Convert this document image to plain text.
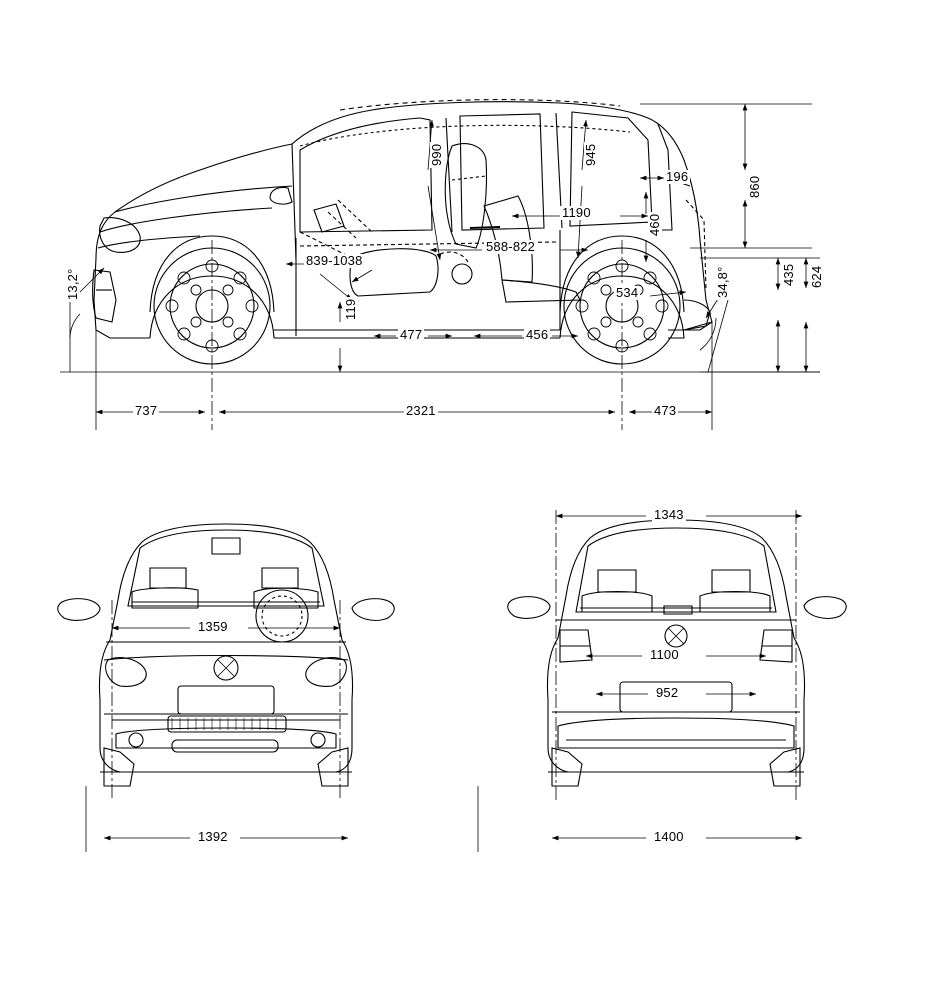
990	945
196
1190
460
860
839-1038
588-822
534
119
477	456
435 624
13,2°	34,8°
737	2321	473
1359
1392
1343
1100
952
1400
